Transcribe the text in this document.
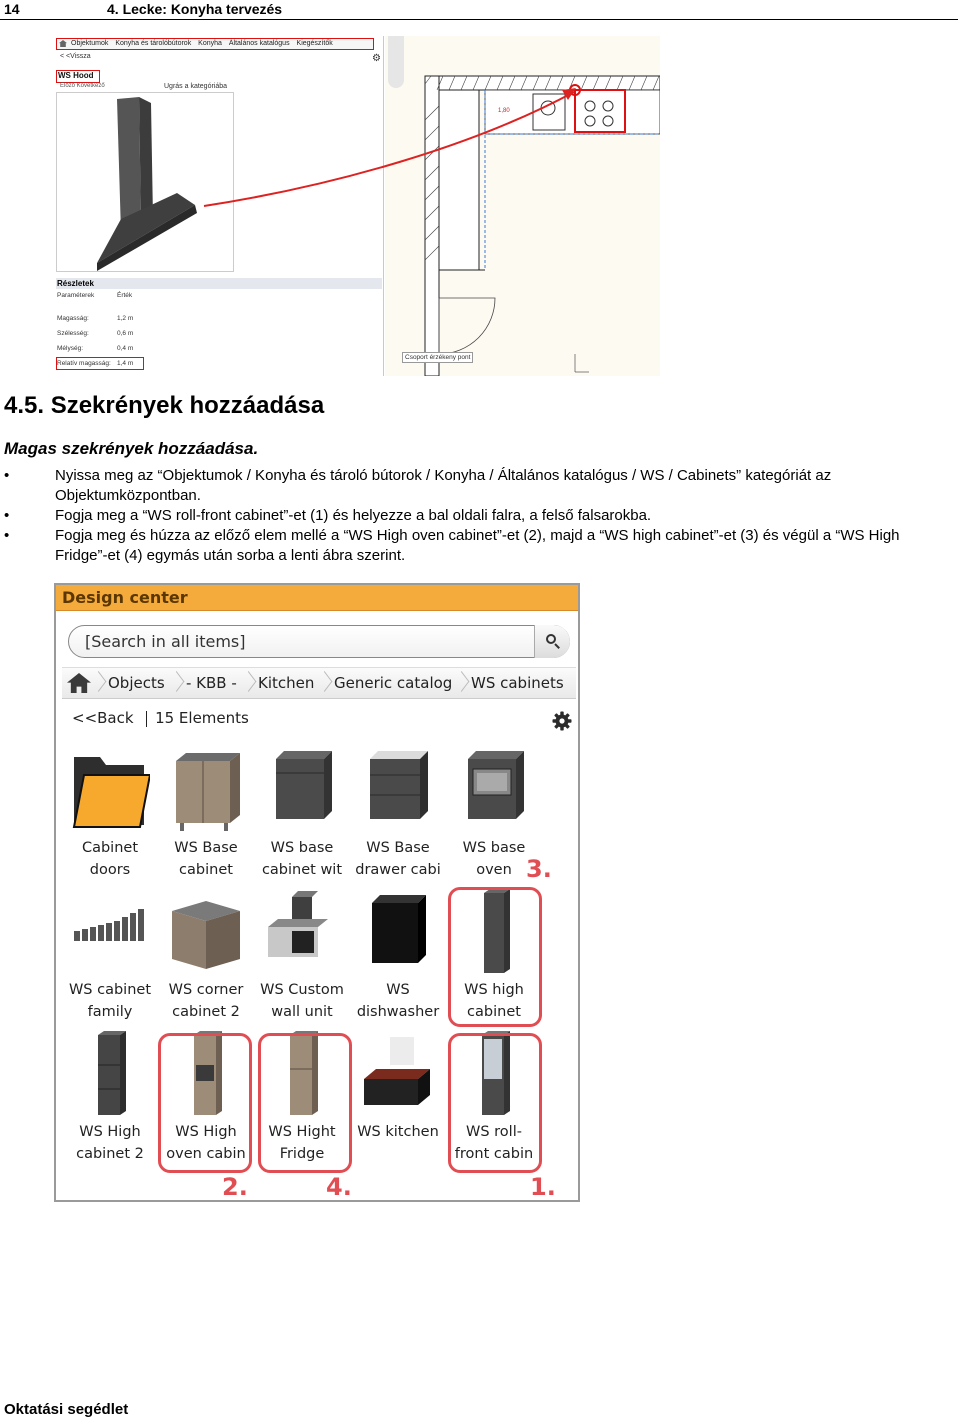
14	4. Lecke: Konyha tervezés
Objektumok Konyha és tárolóbútorok Konyha Általános katalógus Kiegészítők
< <Vissza	⚙
WS Hood
Előző Következő	Ugrás a kategóriába
Részletek
Paraméterek	Érték
Magasság:	1,2 m
Szélesség:	0,6 m
Mélység:	0,4 m
Relatív magasság: 1,4 m
1,80
Csoport érzékeny pont
4.5. Szekrények hozzáadása
Magas szekrények hozzáadása.
• Nyissa meg az “Objektumok / Konyha és tároló bútorok / Konyha / Általános katalógus / WS / Cabinets” kategóriát az Objektumközpontban.
• Fogja meg a “WS roll-front cabinet”-et (1) és helyezze a bal oldali falra, a felső falsarokba.
• Fogja meg és húzza az előző elem mellé a “WS High oven cabinet”-et (2), majd a “WS high cabinet”-et (3) és végül a “WS High Fridge”-et (4) egymás után sorba a lenti ábra szerint.
Design center
[Search in all items]
Objects - KBB - Kitchen Generic catalog WS cabinets
<<Back 15 Elements
Cabinet
doors
WS Base
cabinet
WS base
cabinet wit
WS Base
drawer cabi
WS base
oven
WS cabinet
family
WS corner
cabinet 2
WS Custom
wall unit
WS
dishwasher
WS high
cabinet
WS High
cabinet 2
WS High
oven cabin
WS Hight
Fridge
WS kitchen	WS roll-
front cabin
3.
2.	4.	1.
Oktatási segédlet
